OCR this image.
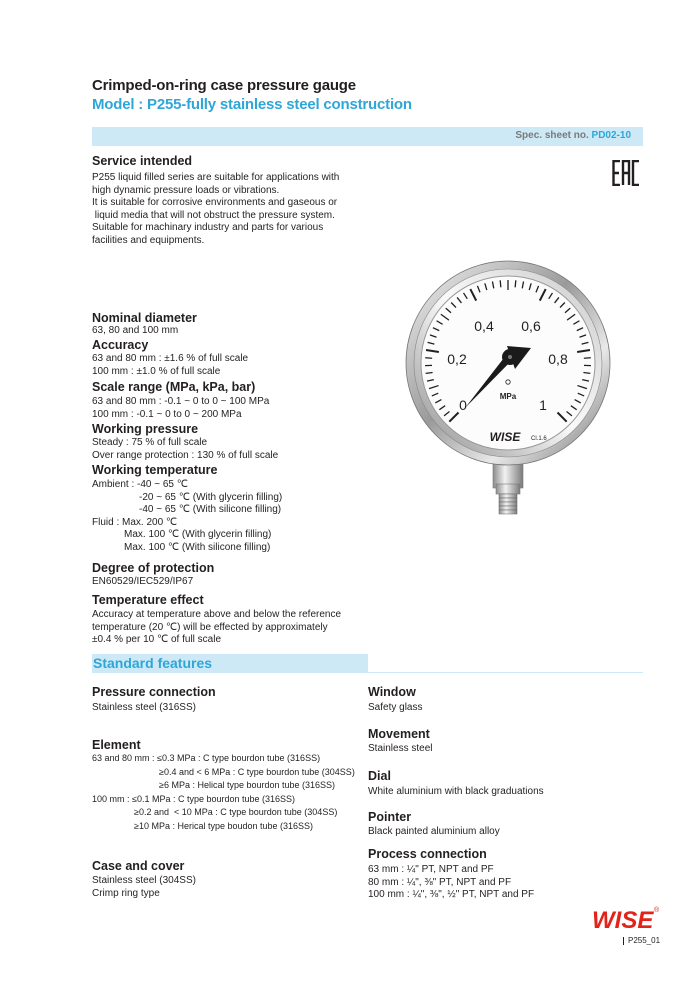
Crimped-on-ring case pressure gauge
Model : P255-fully stainless steel construction
Spec. sheet no. PD02-10
Service intended
P255 liquid filled series are suitable for applications with
high dynamic pressure loads or vibrations.
It is suitable for corrosive environments and gaseous or
liquid media that will not obstruct the pressure system.
Suitable for machinary industry and parts for various
facilities and equipments.
0
0,2
0,4 0,6
0,8
1
MPa
WISE Cl.1.6
Nominal diameter
63, 80 and 100 mm
Accuracy
63 and 80 mm : ±1.6 % of full scale
100 mm : ±1.0 % of full scale
Scale range (MPa, kPa, bar)
63 and 80 mm : -0.1 ~ 0 to 0 ~ 100 MPa
100 mm : -0.1 ~ 0 to 0 ~ 200 MPa
Working pressure
Steady : 75 % of full scale
Over range protection : 130 % of full scale
Working temperature
Ambient : -40 ~ 65 ℃
-20 ~ 65 ℃ (With glycerin filling)
-40 ~ 65 ℃ (With silicone filling)
Fluid : Max. 200 ℃
Max. 100 ℃ (With glycerin filling)
Max. 100 ℃ (With silicone filling)
Degree of protection
EN60529/IEC529/IP67
Temperature effect
Accuracy at temperature above and below the reference
temperature (20 ℃) will be effected by approximately
±0.4 % per 10 ℃ of full scale
Standard features
Pressure connection
Stainless steel (316SS)
Element
63 and 80 mm : ≤0.3 MPa : C type bourdon tube (316SS)
≥0.4 and < 6 MPa : C type bourdon tube (304SS)
≥6 MPa : Helical type bourdon tube (316SS)
100 mm : ≤0.1 MPa : C type bourdon tube (316SS)
≥0.2 and  < 10 MPa : C type bourdon tube (304SS)
≥10 MPa : Herical type boudon tube (316SS)
Case and cover
Stainless steel (304SS)
Crimp ring type
Window
Safety glass
Movement
Stainless steel
Dial
White aluminium with black graduations
Pointer
Black painted aluminium alloy
Process connection
63 mm : ¼" PT, NPT and PF
80 mm : ¼", ⅜" PT, NPT and PF
100 mm : ¼", ⅜", ½" PT, NPT and PF
WISE ®
P255_01
